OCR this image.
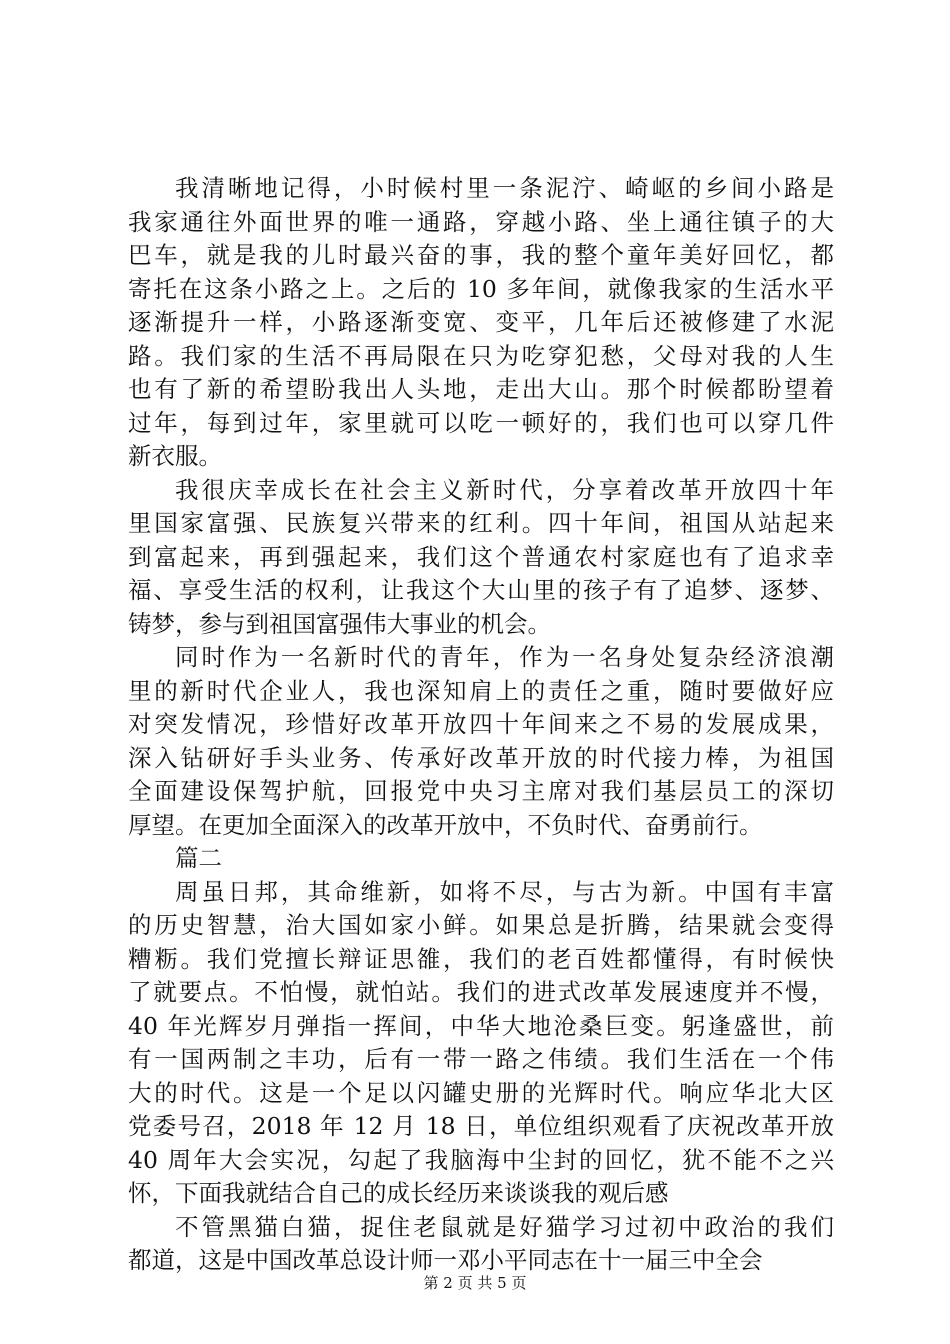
我清晰地记得，小时候村里一条泥泞、崎岖的乡间小路是
我家通往外面世界的唯一通路，穿越小路、坐上通往镇子的大
巴车，就是我的儿时最兴奋的事，我的整个童年美好回忆，都
寄托在这条小路之上。之后的 10 多年间，就像我家的生活水平
逐渐提升一样，小路逐渐变宽、变平，几年后还被修建了水泥
路。我们家的生活不再局限在只为吃穿犯愁，父母对我的人生
也有了新的希望盼我出人头地，走出大山。那个时候都盼望着
过年，每到过年，家里就可以吃一顿好的，我们也可以穿几件
新衣服。
我很庆幸成长在社会主义新时代，分享着改革开放四十年
里国家富强、民族复兴带来的红利。四十年间，祖国从站起来
到富起来，再到强起来，我们这个普通农村家庭也有了追求幸
福、享受生活的权利，让我这个大山里的孩子有了追梦、逐梦、
铸梦，参与到祖国富强伟大事业的机会。
同时作为一名新时代的青年，作为一名身处复杂经济浪潮
里的新时代企业人，我也深知肩上的责任之重，随时要做好应
对突发情况，珍惜好改革开放四十年间来之不易的发展成果，
深入钻研好手头业务、传承好改革开放的时代接力棒，为祖国
全面建设保驾护航，回报党中央习主席对我们基层员工的深切
厚望。在更加全面深入的改革开放中，不负时代、奋勇前行。
篇二
周虽日邦，其命维新，如将不尽，与古为新。中国有丰富
的历史智慧，治大国如家小鲜。如果总是折腾，结果就会变得
糟粝。我们党擅长辩证思雒，我们的老百姓都懂得，有时候快
了就要点。不怕慢，就怕站。我们的进式改革发展速度并不慢，
40 年光辉岁月弹指一挥间，中华大地沧桑巨变。躬逢盛世，前
有一国两制之丰功，后有一带一路之伟绩。我们生活在一个伟
大的时代。这是一个足以闪罐史册的光辉时代。响应华北大区
党委号召，2018 年 12 月 18 日，单位组织观看了庆祝改革开放
40 周年大会实况，勾起了我脑海中尘封的回忆，犹不能不之兴
怀，下面我就结合自己的成长经历来谈谈我的观后感
不管黑猫白猫，捉住老鼠就是好猫学习过初中政治的我们
都道，这是中国改革总设计师一邓小平同志在十一届三中全会
第 2 页 共 5 页
